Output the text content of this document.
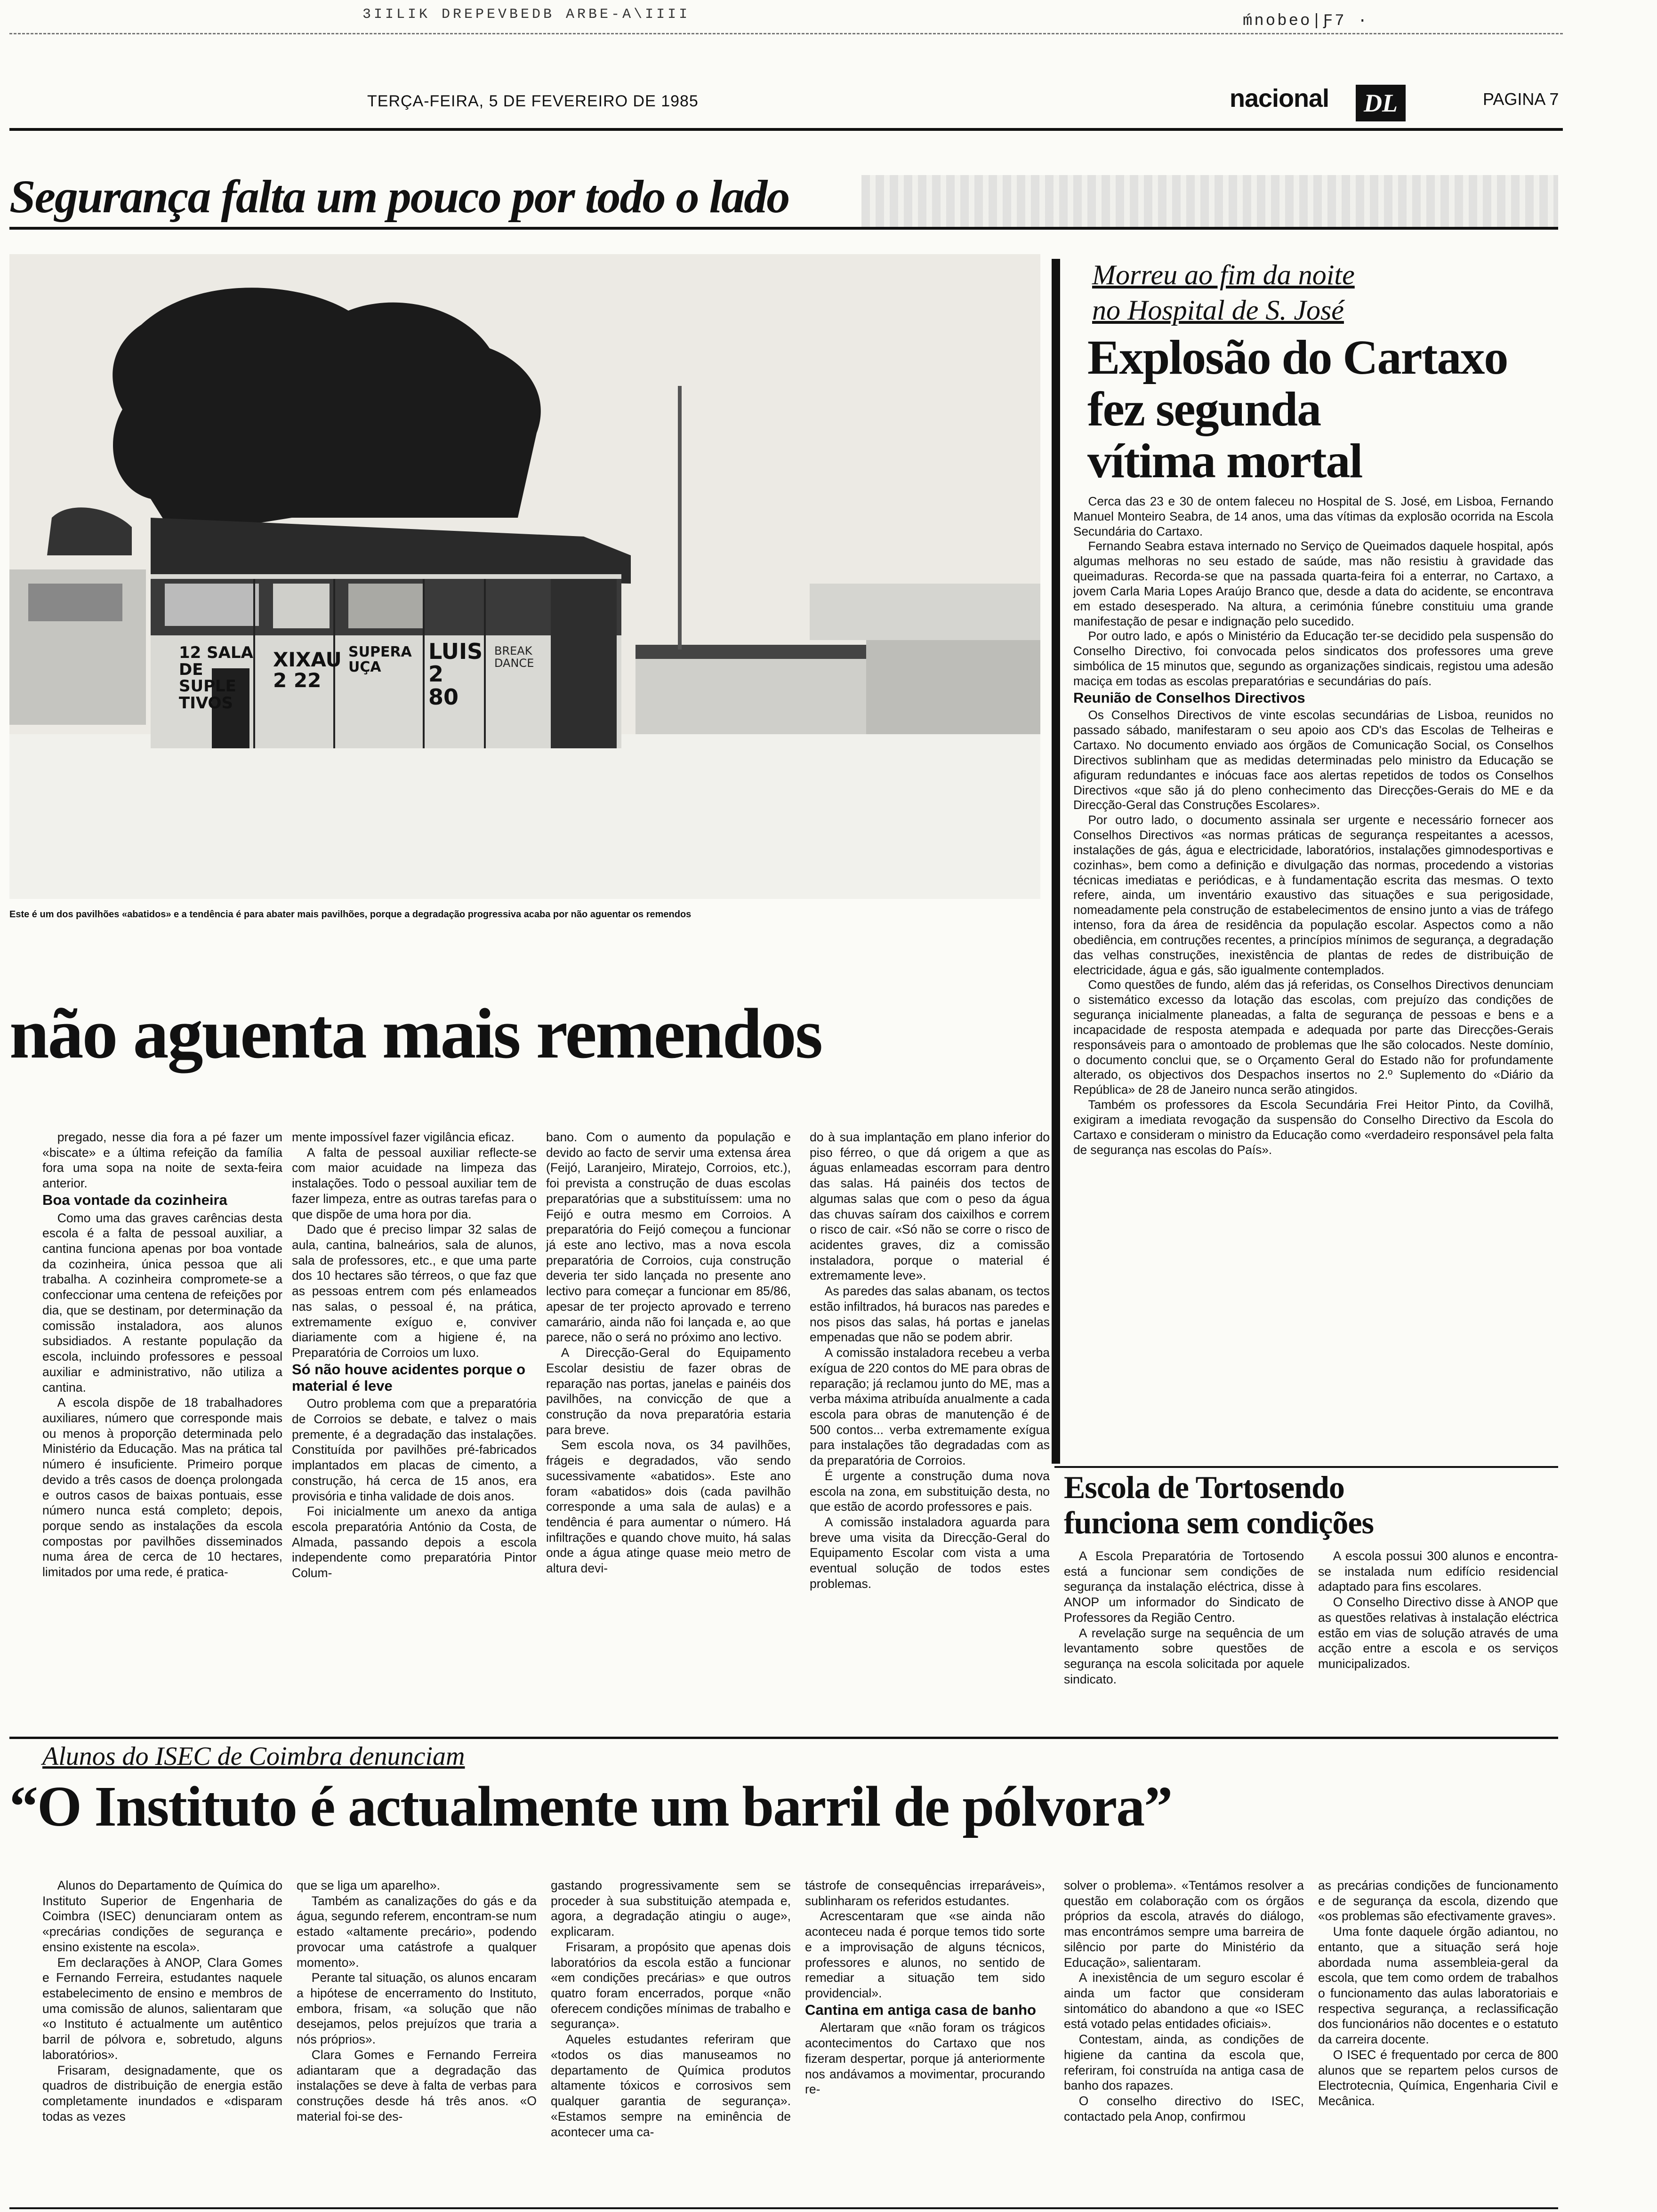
3IILIK DREPEVBEDB ARBE-A\IIII	ḿnobeo|Ƒ7 ·
TERÇA-FEIRA, 5 DE FEVEREIRO DE 1985	nacional	DL	PAGINA 7
Segurança falta um pouco por todo o lado
12 SALA DE SUPLE TIVOS
XIXAU 2 22
SUPERAUÇA
LUIS 2 80
BREAK DANCE
Este é um dos pavilhões «abatidos» e a tendência é para abater mais pavilhões, porque a degradação progressiva acaba por não aguentar os remendos
não aguenta mais remendos

pregado, nesse dia fora a pé fazer um «biscate» e a última refeição da família fora uma sopa na noite de sexta-feira anterior.

Boa vontade da cozinheira

Como uma das graves carências desta escola é a falta de pessoal auxiliar, a cantina funciona apenas por boa vontade da cozinheira, única pessoa que ali trabalha. A cozinheira compromete-se a confeccionar uma centena de refeições por dia, que se destinam, por determinação da comissão instaladora, aos alunos subsidiados. A restante população da escola, incluindo professores e pessoal auxiliar e administrativo, não utiliza a cantina.

A escola dispõe de 18 trabalhadores auxiliares, número que corresponde mais ou menos à proporção determinada pelo Ministério da Educação. Mas na prática tal número é insuficiente. Primeiro porque devido a três casos de doença prolongada e outros casos de baixas pontuais, esse número nunca está completo; depois, porque sendo as instalações da escola compostas por pavilhões disseminados numa área de cerca de 10 hectares, limitados por uma rede, é pratica-

mente impossível fazer vigilância eficaz.

A falta de pessoal auxiliar reflecte-se com maior acuidade na limpeza das instalações. Todo o pessoal auxiliar tem de fazer limpeza, entre as outras tarefas para o que dispõe de uma hora por dia.

Dado que é preciso limpar 32 salas de aula, cantina, balneários, sala de alunos, sala de professores, etc., e que uma parte dos 10 hectares são térreos, o que faz que as pessoas entrem com pés enlameados nas salas, o pessoal é, na prática, extremamente exíguo e, conviver diariamente com a higiene é, na Preparatória de Corroios um luxo.

Só não houve acidentes porque o material é leve

Outro problema com que a preparatória de Corroios se debate, e talvez o mais premente, é a degradação das instalações. Constituída por pavilhões pré-fabricados implantados em placas de cimento, a construção, há cerca de 15 anos, era provisória e tinha validade de dois anos.

Foi inicialmente um anexo da antiga escola preparatória António da Costa, de Almada, passando depois a escola independente como preparatória Pintor Colum-

bano. Com o aumento da população e devido ao facto de servir uma extensa área (Feijó, Laranjeiro, Miratejo, Corroios, etc.), foi prevista a construção de duas escolas preparatórias que a substituíssem: uma no Feijó e outra mesmo em Corroios. A preparatória do Feijó começou a funcionar já este ano lectivo, mas a nova escola preparatória de Corroios, cuja construção deveria ter sido lançada no presente ano lectivo para começar a funcionar em 85/86, apesar de ter projecto aprovado e terreno camarário, ainda não foi lançada e, ao que parece, não o será no próximo ano lectivo.

A Direcção-Geral do Equipamento Escolar desistiu de fazer obras de reparação nas portas, janelas e painéis dos pavilhões, na convicção de que a construção da nova preparatória estaria para breve.

Sem escola nova, os 34 pavilhões, frágeis e degradados, vão sendo sucessivamente «abatidos». Este ano foram «abatidos» dois (cada pavilhão corresponde a uma sala de aulas) e a tendência é para aumentar o número. Há infiltrações e quando chove muito, há salas onde a água atinge quase meio metro de altura devi-

do à sua implantação em plano inferior do piso férreo, o que dá origem a que as águas enlameadas escorram para dentro das salas. Há painéis dos tectos de algumas salas que com o peso da água das chuvas saíram dos caixilhos e correm o risco de cair. «Só não se corre o risco de acidentes graves, diz a comissão instaladora, porque o material é extremamente leve».

As paredes das salas abanam, os tectos estão infiltrados, há buracos nas paredes e nos pisos das salas, há portas e janelas empenadas que não se podem abrir.

A comissão instaladora recebeu a verba exígua de 220 contos do ME para obras de reparação; já reclamou junto do ME, mas a verba máxima atribuída anualmente a cada escola para obras de manutenção é de 500 contos... verba extremamente exígua para instalações tão degradadas com as da preparatória de Corroios.

É urgente a construção duma nova escola na zona, em substituição desta, no que estão de acordo professores e pais.

A comissão instaladora aguarda para breve uma visita da Direcção-Geral do Equipamento Escolar com vista a uma eventual solução de todos estes problemas.

Morreu ao fim da noite
no Hospital de S. José
Explosão do Cartaxo
fez segunda
vítima mortal

Cerca das 23 e 30 de ontem faleceu no Hospital de S. José, em Lisboa, Fernando Manuel Monteiro Seabra, de 14 anos, uma das vítimas da explosão ocorrida na Escola Secundária do Cartaxo.

Fernando Seabra estava internado no Serviço de Queimados daquele hospital, após algumas melhoras no seu estado de saúde, mas não resistiu à gravidade das queimaduras. Recorda-se que na passada quarta-feira foi a enterrar, no Cartaxo, a jovem Carla Maria Lopes Araújo Branco que, desde a data do acidente, se encontrava em estado desesperado. Na altura, a cerimónia fúnebre constituiu uma grande manifestação de pesar e indignação pelo sucedido.

Por outro lado, e após o Ministério da Educação ter-se decidido pela suspensão do Conselho Directivo, foi convocada pelos sindicatos dos professores uma greve simbólica de 15 minutos que, segundo as organizações sindicais, registou uma adesão maciça em todas as escolas preparatórias e secundárias do país.

Reunião de Conselhos Directivos

Os Conselhos Directivos de vinte escolas secundárias de Lisboa, reunidos no passado sábado, manifestaram o seu apoio aos CD's das Escolas de Telheiras e Cartaxo. No documento enviado aos órgãos de Comunicação Social, os Conselhos Directivos sublinham que as medidas determinadas pelo ministro da Educação se afiguram redundantes e inócuas face aos alertas repetidos de todos os Conselhos Directivos «que são já do pleno conhecimento das Direcções-Gerais do ME e da Direcção-Geral das Construções Escolares».

Por outro lado, o documento assinala ser urgente e necessário fornecer aos Conselhos Directivos «as normas práticas de segurança respeitantes a acessos, instalações de gás, água e electricidade, laboratórios, instalações gimnodesportivas e cozinhas», bem como a definição e divulgação das normas, procedendo a vistorias técnicas imediatas e periódicas, e à fundamentação escrita das mesmas. O texto refere, ainda, um inventário exaustivo das situações e sua perigosidade, nomeadamente pela construção de estabelecimentos de ensino junto a vias de tráfego intenso, fora da área de residência da população escolar. Aspectos como a não obediência, em contruções recentes, a princípios mínimos de segurança, a degradação das velhas construções, inexistência de plantas de redes de distribuição de electricidade, água e gás, são igualmente contemplados.

Como questões de fundo, além das já referidas, os Conselhos Directivos denunciam o sistemático excesso da lotação das escolas, com prejuízo das condições de segurança inicialmente planeadas, a falta de segurança de pessoas e bens e a incapacidade de resposta atempada e adequada por parte das Direcções-Gerais responsáveis para o amontoado de problemas que lhe são colocados. Neste domínio, o documento conclui que, se o Orçamento Geral do Estado não for profundamente alterado, os objectivos dos Despachos insertos no 2.º Suplemento do «Diário da República» de 28 de Janeiro nunca serão atingidos.

Também os professores da Escola Secundária Frei Heitor Pinto, da Covilhã, exigiram a imediata revogação da suspensão do Conselho Directivo da Escola do Cartaxo e consideram o ministro da Educação como «verdadeiro responsável pela falta de segurança nas escolas do País».

Escola de Tortosendo
funciona sem condições

A Escola Preparatória de Tortosendo está a funcionar sem condições de segurança da instalação eléctrica, disse à ANOP um informador do Sindicato de Professores da Região Centro.

A revelação surge na sequência de um levantamento sobre questões de segurança na escola solicitada por aquele sindicato.

A escola possui 300 alunos e encontra-se instalada num edifício residencial adaptado para fins escolares.

O Conselho Directivo disse à ANOP que as questões relativas à instalação eléctrica estão em vias de solução através de uma acção entre a escola e os serviços municipalizados.

Alunos do ISEC de Coimbra denunciam
“O Instituto é actualmente um barril de pólvora”

Alunos do Departamento de Química do Instituto Superior de Engenharia de Coimbra (ISEC) denunciaram ontem as «precárias condições de segurança e ensino existente na escola».

Em declarações à ANOP, Clara Gomes e Fernando Ferreira, estudantes naquele estabelecimento de ensino e membros de uma comissão de alunos, salientaram que «o Instituto é actualmente um autêntico barril de pólvora e, sobretudo, alguns laboratórios».

Frisaram, designadamente, que os quadros de distribuição de energia estão completamente inundados e «disparam todas as vezes

que se liga um aparelho».

Também as canalizações do gás e da água, segundo referem, encontram-se num estado «altamente precário», podendo provocar uma catástrofe a qualquer momento».

Perante tal situação, os alunos encaram a hipótese de encerramento do Instituto, embora, frisam, «a solução que não desejamos, pelos prejuízos que traria a nós próprios».

Clara Gomes e Fernando Ferreira adiantaram que a degradação das instalações se deve à falta de verbas para construções desde há três anos. «O material foi-se des-

gastando progressivamente sem se proceder à sua substituição atempada e, agora, a degradação atingiu o auge», explicaram.

Frisaram, a propósito que apenas dois laboratórios da escola estão a funcionar «em condições precárias» e que outros quatro foram encerrados, porque «não oferecem condições mínimas de trabalho e segurança».

Aqueles estudantes referiram que «todos os dias manuseamos no departamento de Química produtos altamente tóxicos e corrosivos sem qualquer garantia de segurança». «Estamos sempre na eminência de acontecer uma ca-

tástrofe de consequências irreparáveis», sublinharam os referidos estudantes.

Acrescentaram que «se ainda não aconteceu nada é porque temos tido sorte e a improvisação de alguns técnicos, professores e alunos, no sentido de remediar a situação tem sido providencial».

Cantina em antiga casa de banho

Alertaram que «não foram os trágicos acontecimentos do Cartaxo que nos fizeram despertar, porque já anteriormente nos andávamos a movimentar, procurando re-

solver o problema». «Tentámos resolver a questão em colaboração com os órgãos próprios da escola, através do diálogo, mas encontrámos sempre uma barreira de silêncio por parte do Ministério da Educação», salientaram.

A inexistência de um seguro escolar é ainda um factor que consideram sintomático do abandono a que «o ISEC está votado pelas entidades oficiais».

Contestam, ainda, as condições de higiene da cantina da escola que, referiram, foi construída na antiga casa de banho dos rapazes.

O conselho directivo do ISEC, contactado pela Anop, confirmou

as precárias condições de funcionamento e de segurança da escola, dizendo que «os problemas são efectivamente graves».

Uma fonte daquele órgão adiantou, no entanto, que a situação será hoje abordada numa assembleia-geral da escola, que tem como ordem de trabalhos o funcionamento das aulas laboratoriais e respectiva segurança, a reclassificação dos funcionários não docentes e o estatuto da carreira docente.

O ISEC é frequentado por cerca de 800 alunos que se repartem pelos cursos de Electrotecnia, Química, Engenharia Civil e Mecânica.
